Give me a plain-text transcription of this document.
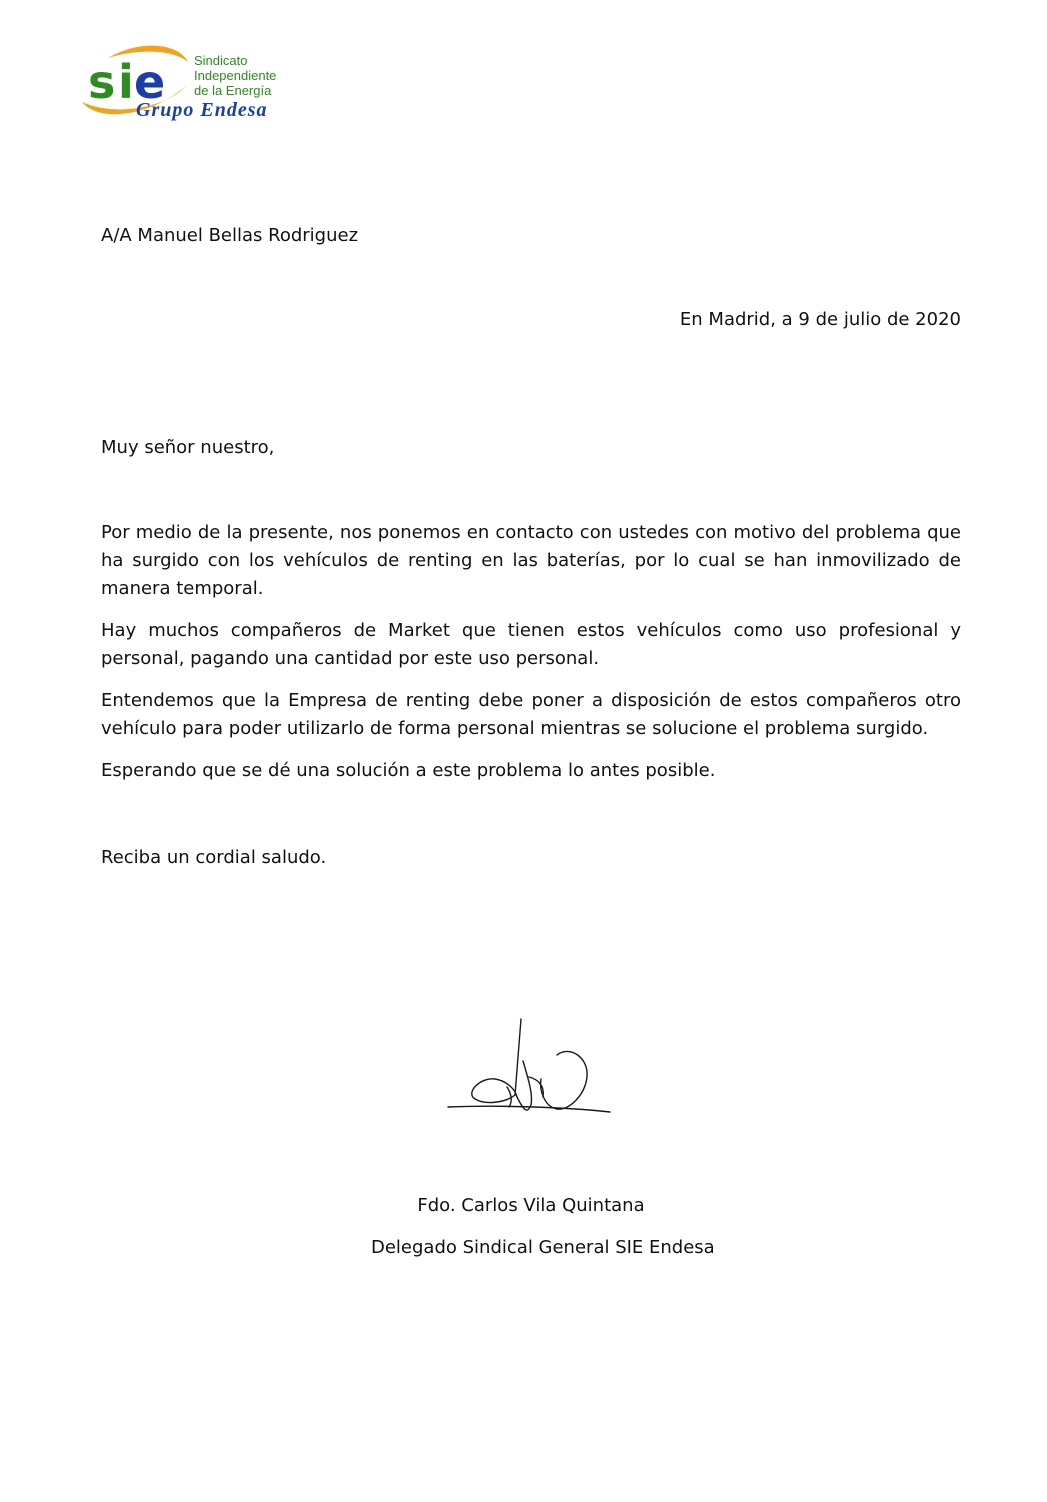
s i e Sindicato
Independiente
de la Energía
Grupo Endesa
A/A Manuel Bellas Rodriguez
En Madrid, a 9 de julio de 2020
Muy señor nuestro,

Por medio de la presente, nos ponemos en contacto con ustedes con motivo del problema que ha surgido con los vehículos de renting en las baterías, por lo cual se han inmovilizado de manera temporal.

Hay muchos compañeros de Market que tienen estos vehículos como uso profesional y personal, pagando una cantidad por este uso personal.

Entendemos que la Empresa de renting debe poner a disposición de estos compañeros otro vehículo para poder utilizarlo de forma personal mientras se solucione el problema surgido.

Esperando que se dé una solución a este problema lo antes posible.

Reciba un cordial saludo.
Fdo. Carlos Vila Quintana
Delegado Sindical General SIE Endesa
